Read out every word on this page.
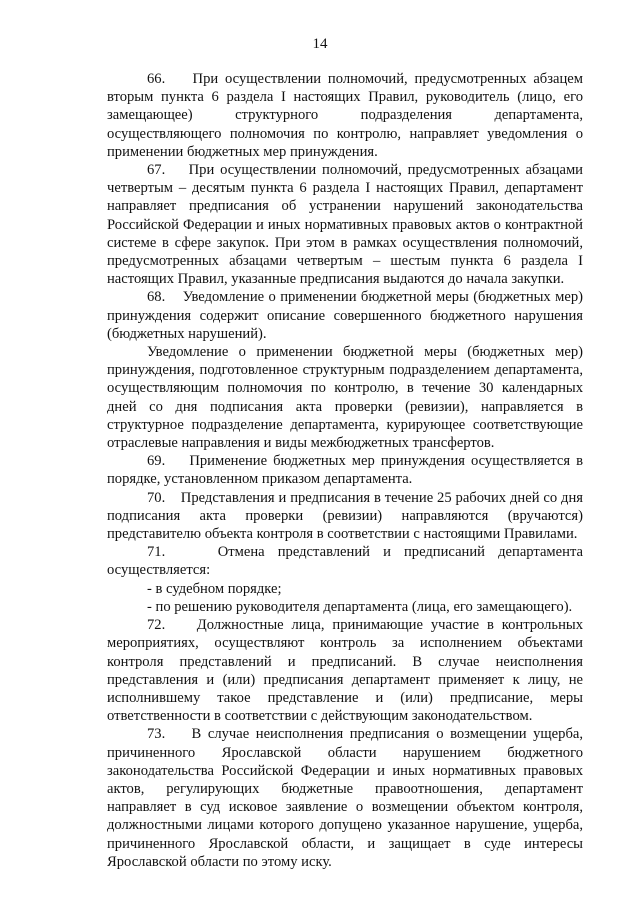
14

66.    При осуществлении полномочий, предусмотренных абзацем вторым пункта 6 раздела I настоящих Правил, руководитель (лицо, его замещающее) структурного подразделения департамента, осуществляющего полномочия по контролю, направляет уведомления о применении бюджетных мер принуждения.

67.    При осуществлении полномочий, предусмотренных абзацами четвертым – десятым пункта 6 раздела I настоящих Правил, департамент направляет предписания об устранении нарушений законодательства Российской Федерации и иных нормативных правовых актов о контрактной системе в сфере закупок. При этом в рамках осуществления полномочий, предусмотренных абзацами четвертым – шестым пункта 6 раздела I настоящих Правил, указанные предписания выдаются до начала закупки.

68.    Уведомление о применении бюджетной меры (бюджетных мер) принуждения содержит описание совершенного бюджетного нарушения (бюджетных нарушений).

Уведомление о применении бюджетной меры (бюджетных мер) принуждения, подготовленное структурным подразделением департамента, осуществляющим полномочия по контролю, в течение 30 календарных дней со дня подписания акта проверки (ревизии), направляется в структурное подразделение департамента, курирующее соответствующие отраслевые направления и виды межбюджетных трансфертов.

69.    Применение бюджетных мер принуждения осуществляется в порядке, установленном приказом департамента.

70.    Представления и предписания в течение 25 рабочих дней со дня подписания акта проверки (ревизии) направляются (вручаются) представителю объекта контроля в соответствии с настоящими Правилами.

71.    Отмена представлений и предписаний департамента осуществляется:

- в судебном порядке;

- по решению руководителя департамента (лица, его замещающего).

72.    Должностные лица, принимающие участие в контрольных мероприятиях, осуществляют контроль за исполнением объектами контроля представлений и предписаний. В случае неисполнения представления и (или) предписания департамент применяет к лицу, не исполнившему такое представление и (или) предписание, меры ответственности в соответствии с действующим законодательством.

73.    В случае неисполнения предписания о возмещении ущерба, причиненного Ярославской области нарушением бюджетного законодательства Российской Федерации и иных нормативных правовых актов, регулирующих бюджетные правоотношения, департамент направляет в суд исковое заявление о возмещении объектом контроля, должностными лицами которого допущено указанное нарушение, ущерба, причиненного Ярославской области, и защищает в суде интересы Ярославской области по этому иску.
